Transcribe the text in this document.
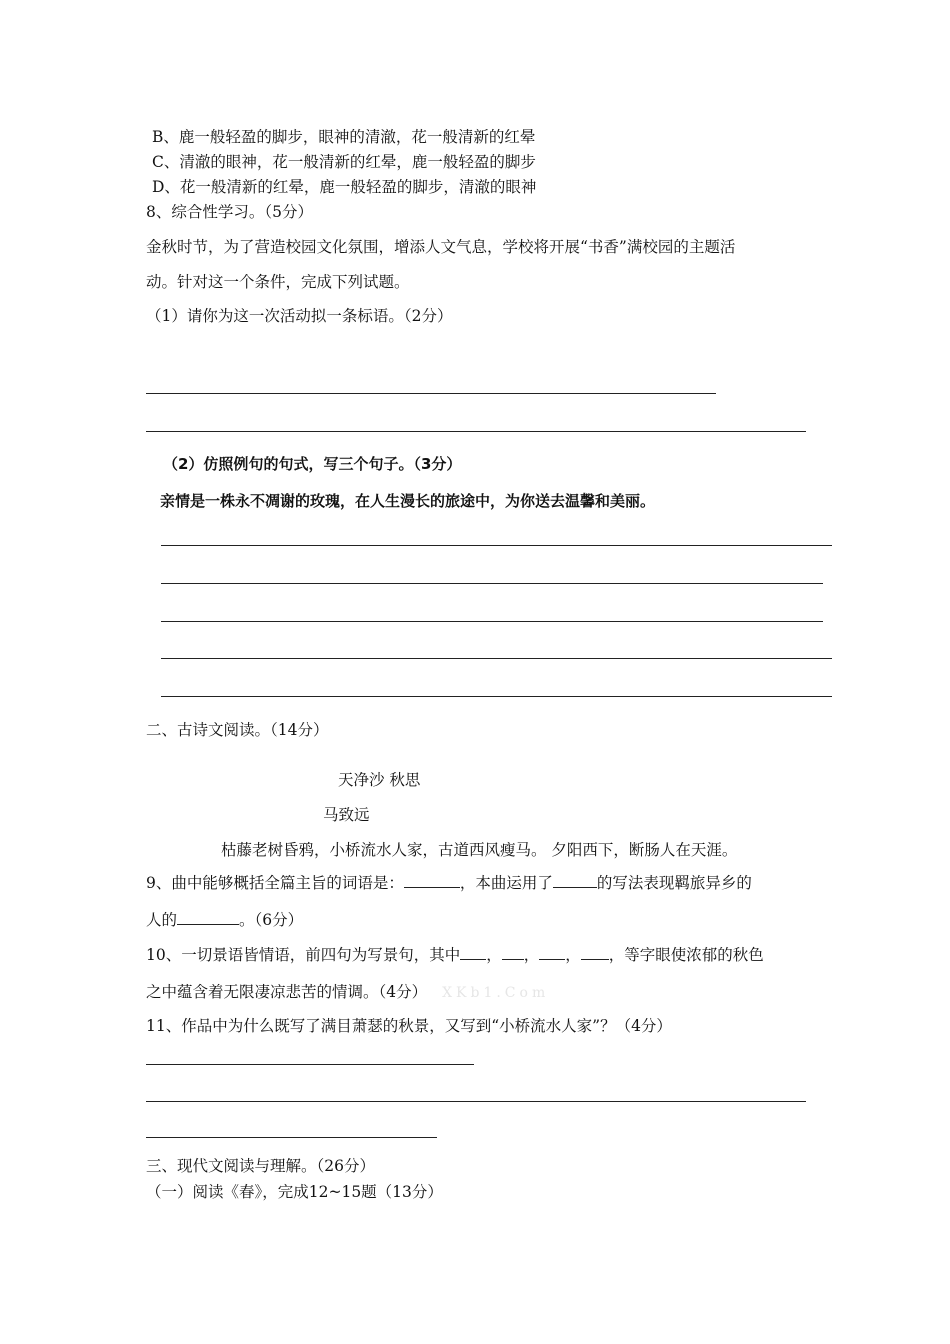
B、鹿一般轻盈的脚步，眼神的清澈，花一般清新的红晕
C、清澈的眼神，花一般清新的红晕，鹿一般轻盈的脚步
D、花一般清新的红晕，鹿一般轻盈的脚步，清澈的眼神
8、综合性学习。（5分）
金秋时节，为了营造校园文化氛围，增添人文气息，学校将开展“书香”满校园的主题活
动。针对这一个条件，完成下列试题。
（1）请你为这一次活动拟一条标语。（2分）
（2）仿照例句的句式，写三个句子。（3分）
亲情是一株永不凋谢的玫瑰，在人生漫长的旅途中，为你送去温馨和美丽。
二、古诗文阅读。（14分）
天净沙 秋思
马致远
枯藤老树昏鸦，小桥流水人家，古道西风瘦马。 夕阳西下，断肠人在天涯。
9、曲中能够概括全篇主旨的词语是：	，本曲运用了	的写法表现羁旅异乡的
人的	。（6分）
10、一切景语皆情语，前四句为写景句，其中 ， ， ， ，等字眼使浓郁的秋色
之中蕴含着无限凄凉悲苦的情调。（4分） XKb1.Com
11、作品中为什么既写了满目萧瑟的秋景，又写到“小桥流水人家”？（4分）
三、现代文阅读与理解。（26分）
（一）阅读《春》，完成12~15题（13分）
